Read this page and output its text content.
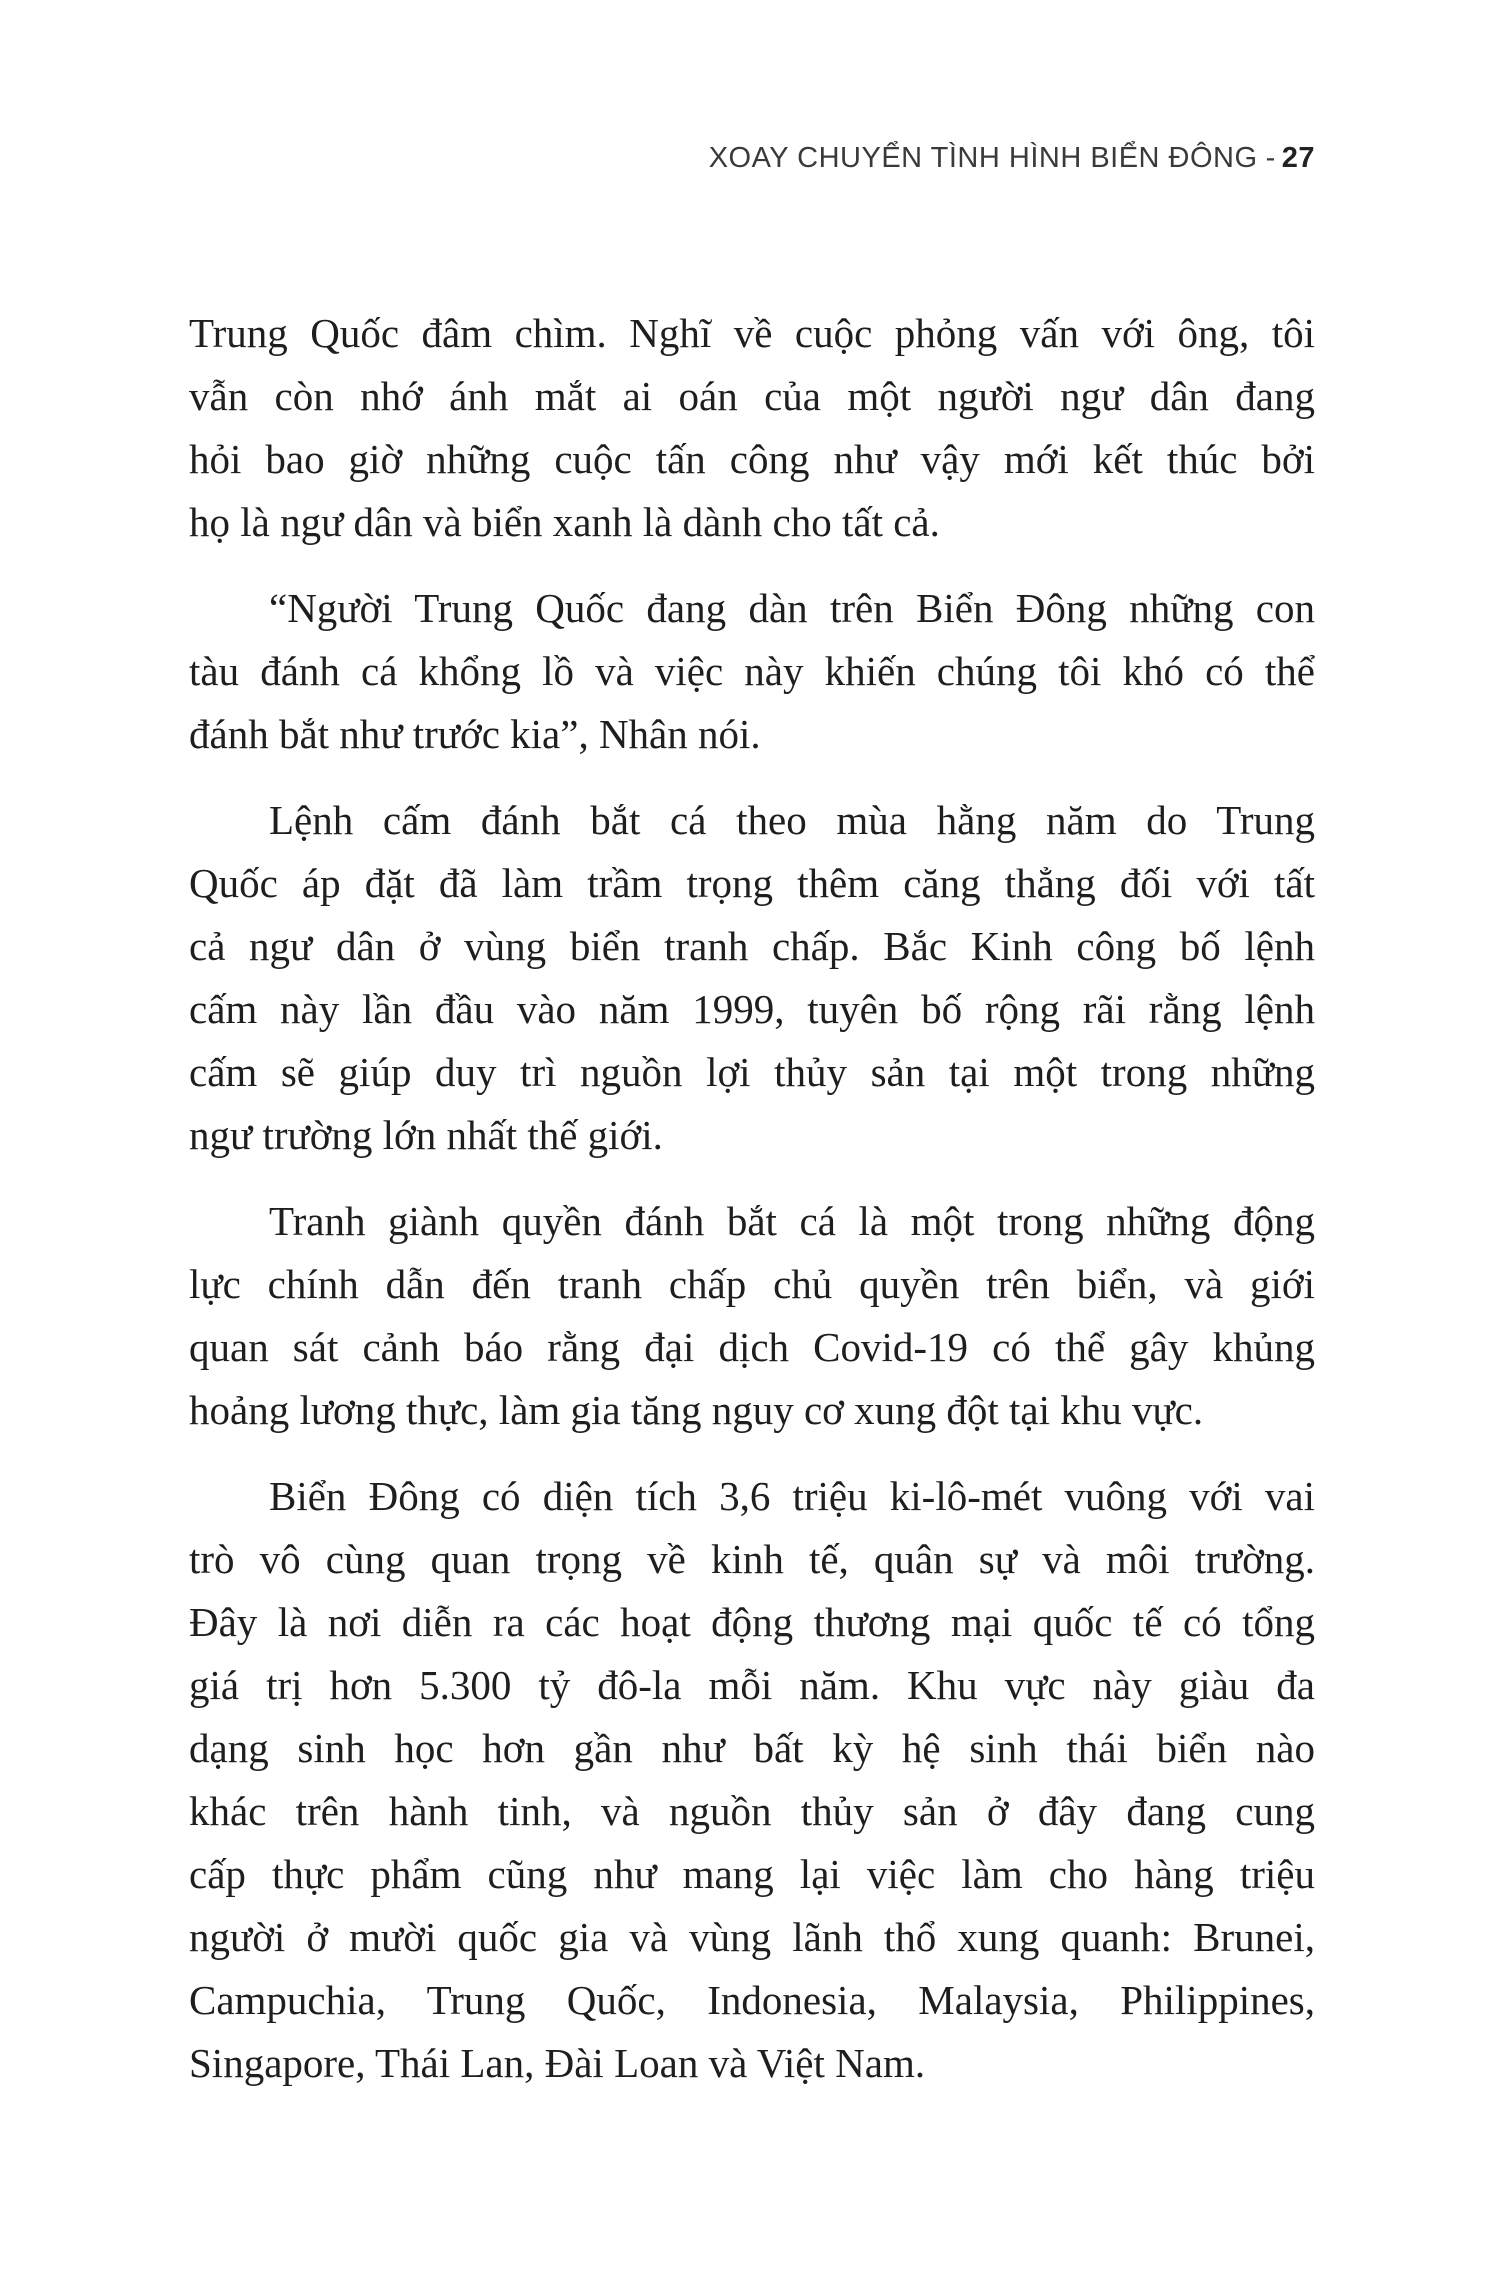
XOAY CHUYỂN TÌNH HÌNH BIỂN ĐÔNG - 27
Trung Quốc đâm chìm. Nghĩ về cuộc phỏng vấn với ông, tôi
vẫn còn nhớ ánh mắt ai oán của một người ngư dân đang
hỏi bao giờ những cuộc tấn công như vậy mới kết thúc bởi
họ là ngư dân và biển xanh là dành cho tất cả.
“Người Trung Quốc đang dàn trên Biển Đông những con
tàu đánh cá khổng lồ và việc này khiến chúng tôi khó có thể
đánh bắt như trước kia”, Nhân nói.
Lệnh cấm đánh bắt cá theo mùa hằng năm do Trung
Quốc áp đặt đã làm trầm trọng thêm căng thẳng đối với tất
cả ngư dân ở vùng biển tranh chấp. Bắc Kinh công bố lệnh
cấm này lần đầu vào năm 1999, tuyên bố rộng rãi rằng lệnh
cấm sẽ giúp duy trì nguồn lợi thủy sản tại một trong những
ngư trường lớn nhất thế giới.
Tranh giành quyền đánh bắt cá là một trong những động
lực chính dẫn đến tranh chấp chủ quyền trên biển, và giới
quan sát cảnh báo rằng đại dịch Covid-19 có thể gây khủng
hoảng lương thực, làm gia tăng nguy cơ xung đột tại khu vực.
Biển Đông có diện tích 3,6 triệu ki-lô-mét vuông với vai
trò vô cùng quan trọng về kinh tế, quân sự và môi trường.
Đây là nơi diễn ra các hoạt động thương mại quốc tế có tổng
giá trị hơn 5.300 tỷ đô-la mỗi năm. Khu vực này giàu đa
dạng sinh học hơn gần như bất kỳ hệ sinh thái biển nào
khác trên hành tinh, và nguồn thủy sản ở đây đang cung
cấp thực phẩm cũng như mang lại việc làm cho hàng triệu
người ở mười quốc gia và vùng lãnh thổ xung quanh: Brunei,
Campuchia, Trung Quốc, Indonesia, Malaysia, Philippines,
Singapore, Thái Lan, Đài Loan và Việt Nam.
